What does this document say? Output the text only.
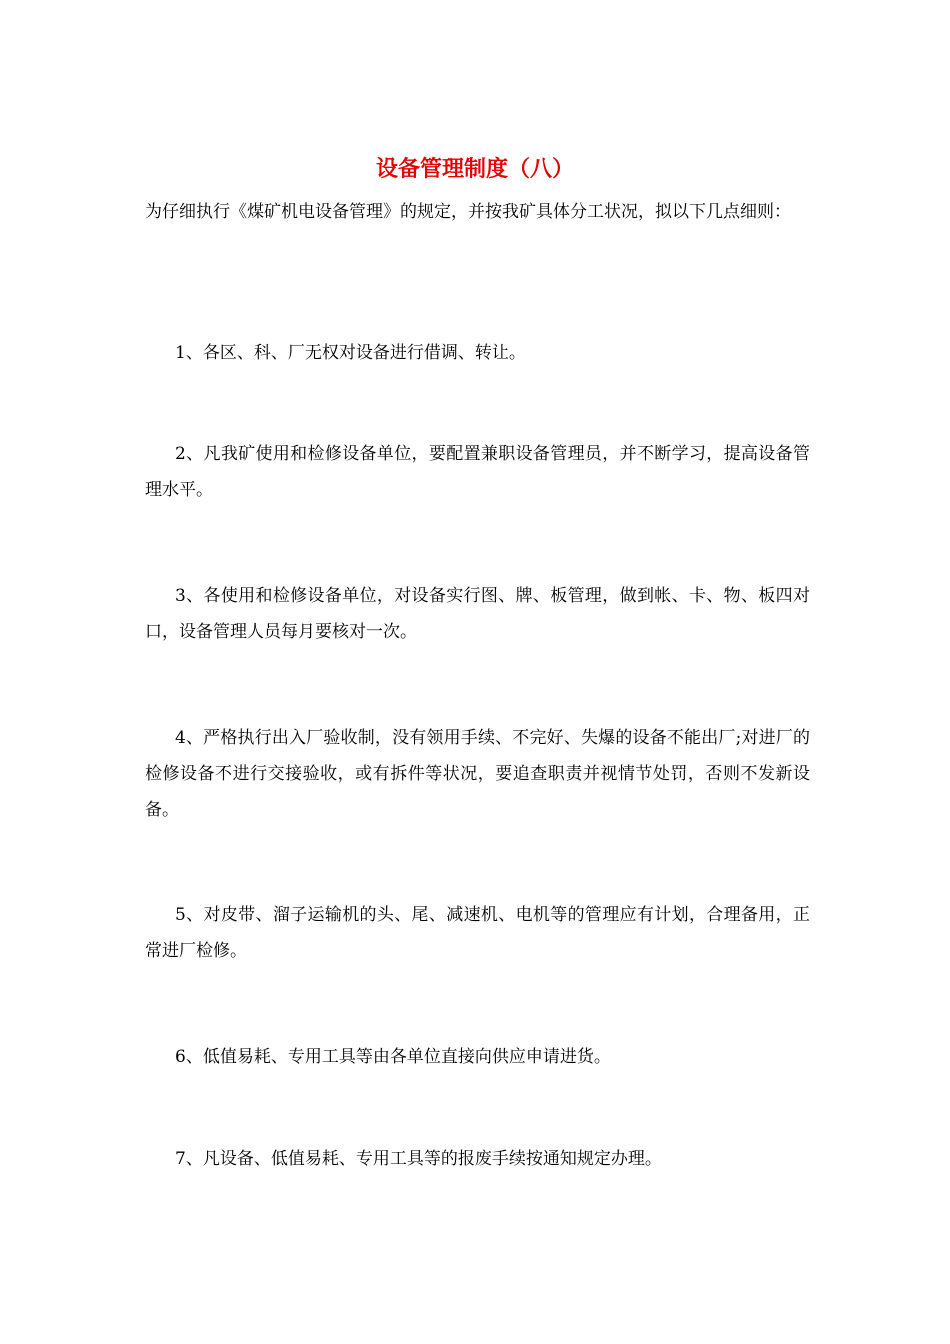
设备管理制度（八）

为仔细执行《煤矿机电设备管理》的规定，并按我矿具体分工状况，拟以下几点细则：

1、各区、科、厂无权对设备进行借调、转让。

2、凡我矿使用和检修设备单位，要配置兼职设备管理员，并不断学习，提高设备管理水平。

3、各使用和检修设备单位，对设备实行图、牌、板管理，做到帐、卡、物、板四对口，设备管理人员每月要核对一次。

4、严格执行出入厂验收制，没有领用手续、不完好、失爆的设备不能出厂;对进厂的检修设备不进行交接验收，或有拆件等状况，要追查职责并视情节处罚，否则不发新设备。

5、对皮带、溜子运输机的头、尾、减速机、电机等的管理应有计划，合理备用，正常进厂检修。

6、低值易耗、专用工具等由各单位直接向供应申请进货。

7、凡设备、低值易耗、专用工具等的报废手续按通知规定办理。
